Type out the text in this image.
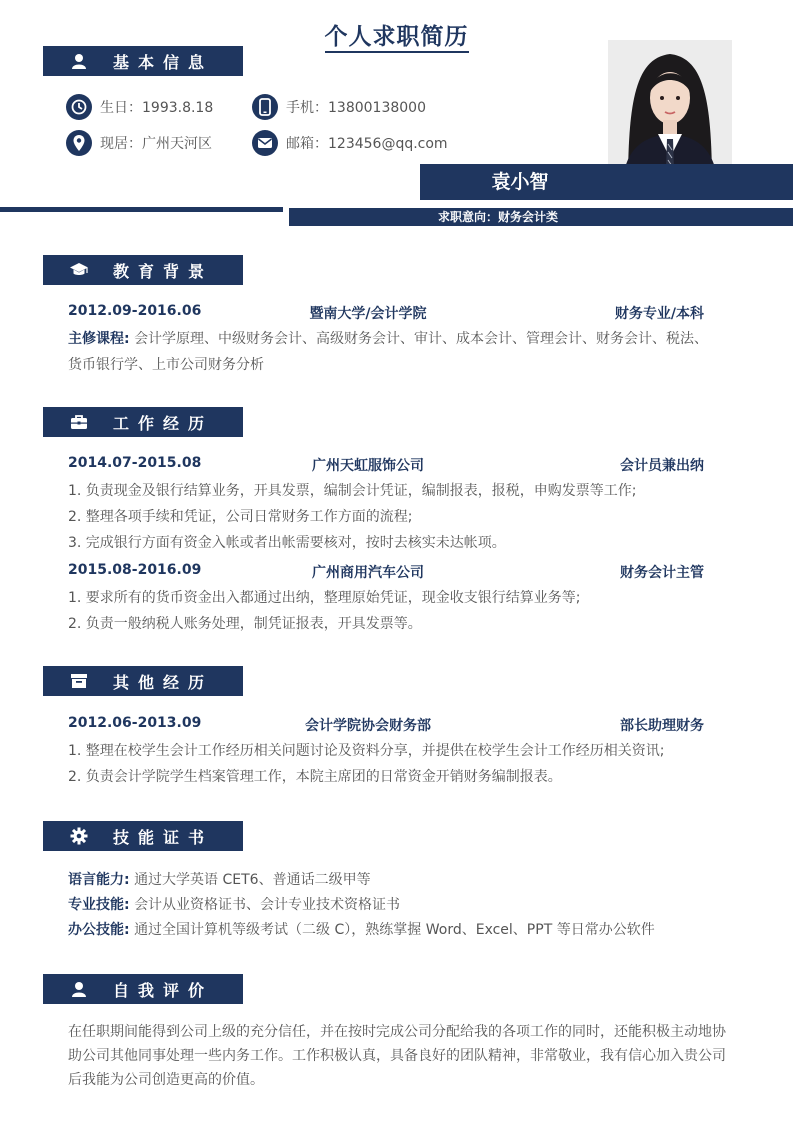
个人求职简历
基本信息
生日：1993.8.18	手机：13800138000
现居：广州天河区	邮箱：123456@qq.com
袁小智
求职意向：财务会计类
教育背景
2012.09-2016.06	暨南大学/会计学院	财务专业/本科
主修课程: 会计学原理、中级财务会计、高级财务会计、审计、成本会计、管理会计、财务会计、税法、
货币银行学、上市公司财务分析
工作经历
2014.07-2015.08	广州天虹服饰公司	会计员兼出纳
1. 负责现金及银行结算业务，开具发票，编制会计凭证，编制报表，报税，申购发票等工作;
2. 整理各项手续和凭证，公司日常财务工作方面的流程;
3. 完成银行方面有资金入帐或者出帐需要核对，按时去核实未达帐项。
2015.08-2016.09	广州商用汽车公司	财务会计主管
1. 要求所有的货币资金出入都通过出纳，整理原始凭证，现金收支银行结算业务等;
2. 负责一般纳税人账务处理，制凭证报表，开具发票等。
其他经历
2012.06-2013.09	会计学院协会财务部	部长助理财务
1. 整理在校学生会计工作经历相关问题讨论及资料分享，并提供在校学生会计工作经历相关资讯;
2. 负责会计学院学生档案管理工作，本院主席团的日常资金开销财务编制报表。
技能证书
语言能力: 通过大学英语 CET6、普通话二级甲等
专业技能: 会计从业资格证书、会计专业技术资格证书
办公技能: 通过全国计算机等级考试（二级 C），熟练掌握 Word、Excel、PPT 等日常办公软件
自我评价
在任职期间能得到公司上级的充分信任，并在按时完成公司分配给我的各项工作的同时，还能积极主动地协助公司其他同事处理一些内务工作。工作积极认真，具备良好的团队精神，非常敬业，我有信心加入贵公司后我能为公司创造更高的价值。
